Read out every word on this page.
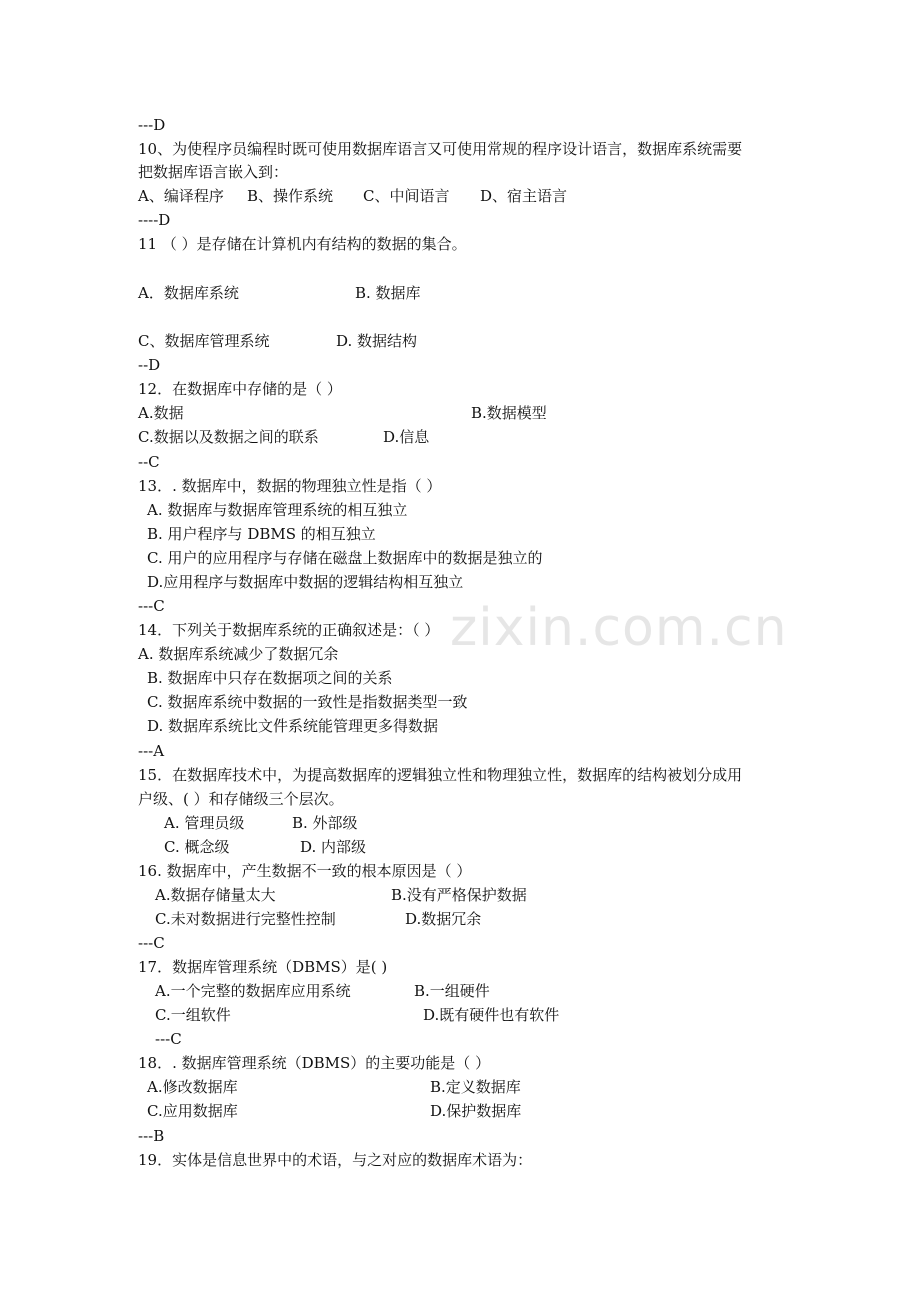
zixin.com.cn
---D
10、为使程序员编程时既可使用数据库语言又可使用常规的程序设计语言，数据库系统需要
把数据库语言嵌入到：
A、编译程序 B、操作系统 C、中间语言 D、宿主语言
----D
11 （ ）是存储在计算机内有结构的数据的集合。
A．数据库系统	B. 数据库
C、数据库管理系统	D. 数据结构
--D
12．在数据库中存储的是（ ）
A.数据	B.数据模型
C.数据以及数据之间的联系	D.信息
--C
13．. 数据库中，数据的物理独立性是指（ ）
A. 数据库与数据库管理系统的相互独立
B. 用户程序与 DBMS 的相互独立
C. 用户的应用程序与存储在磁盘上数据库中的数据是独立的
D.应用程序与数据库中数据的逻辑结构相互独立
---C
14．下列关于数据库系统的正确叙述是：（ ）
A. 数据库系统减少了数据冗余
B. 数据库中只存在数据项之间的关系
C. 数据库系统中数据的一致性是指数据类型一致
D. 数据库系统比文件系统能管理更多得数据
---A
15．在数据库技术中，为提高数据库的逻辑独立性和物理独立性，数据库的结构被划分成用
户级、( ）和存储级三个层次。
A. 管理员级	B. 外部级
C. 概念级	D. 内部级
16. 数据库中，产生数据不一致的根本原因是（ ）
A.数据存储量太大	B.没有严格保护数据
C.未对数据进行完整性控制	D.数据冗余
---C
17．数据库管理系统（DBMS）是( )
A.一个完整的数据库应用系统	B.一组硬件
C.一组软件	D.既有硬件也有软件
---C
18．. 数据库管理系统（DBMS）的主要功能是（ ）
A.修改数据库	B.定义数据库
C.应用数据库	D.保护数据库
---B
19．实体是信息世界中的术语，与之对应的数据库术语为：
